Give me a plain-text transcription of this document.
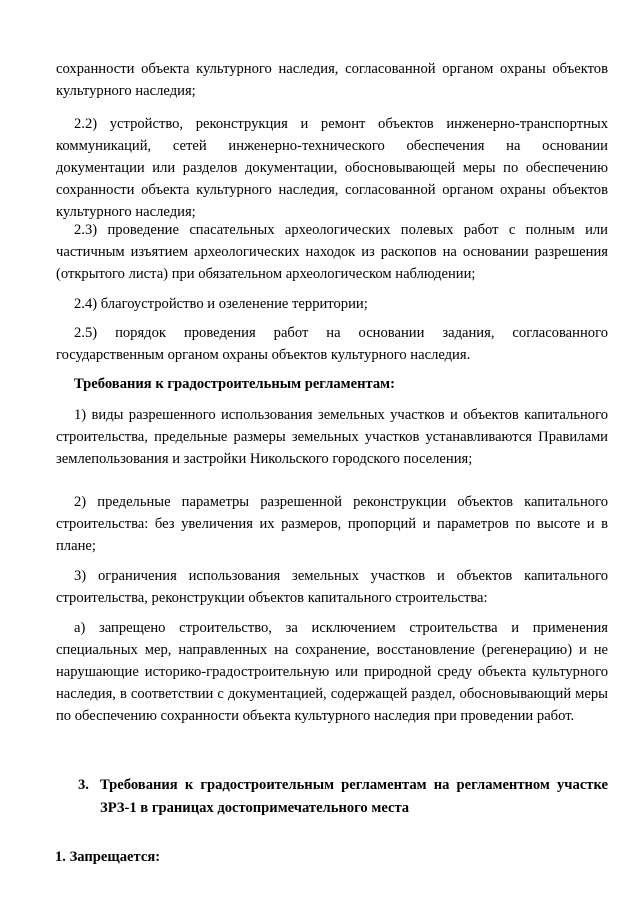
сохранности объекта культурного наследия, согласованной органом охраны объектов культурного наследия;
2.2) устройство, реконструкция и ремонт объектов инженерно-транспортных коммуникаций, сетей инженерно-технического обеспечения на основании документации или разделов документации, обосновывающей меры по обеспечению сохранности объекта культурного наследия, согласованной органом охраны объектов культурного наследия;
2.3) проведение спасательных археологических полевых работ с полным или частичным изъятием археологических находок из раскопов на основании разрешения (открытого листа) при обязательном археологическом наблюдении;
2.4) благоустройство и озеленение территории;
2.5) порядок проведения работ на основании задания, согласованного государственным органом охраны объектов культурного наследия.
Требования к градостроительным регламентам:
1) виды разрешенного использования земельных участков и объектов капитального строительства, предельные размеры земельных участков устанавливаются Правилами землепользования и застройки Никольского городского поселения;
2) предельные параметры разрешенной реконструкции объектов капитального строительства: без увеличения их размеров, пропорций и параметров по высоте и в плане;
3) ограничения использования земельных участков и объектов капитального строительства, реконструкции объектов капитального строительства:
а) запрещено строительство, за исключением строительства и применения специальных мер, направленных на сохранение, восстановление (регенерацию) и не нарушающие историко-градостроительную или природной среду объекта культурного наследия, в соответствии с документацией, содержащей раздел, обосновывающий меры по обеспечению сохранности объекта культурного наследия при проведении работ.
3. Требования к градостроительным регламентам на регламентном участке ЗРЗ-1 в границах достопримечательного места
1. Запрещается:
